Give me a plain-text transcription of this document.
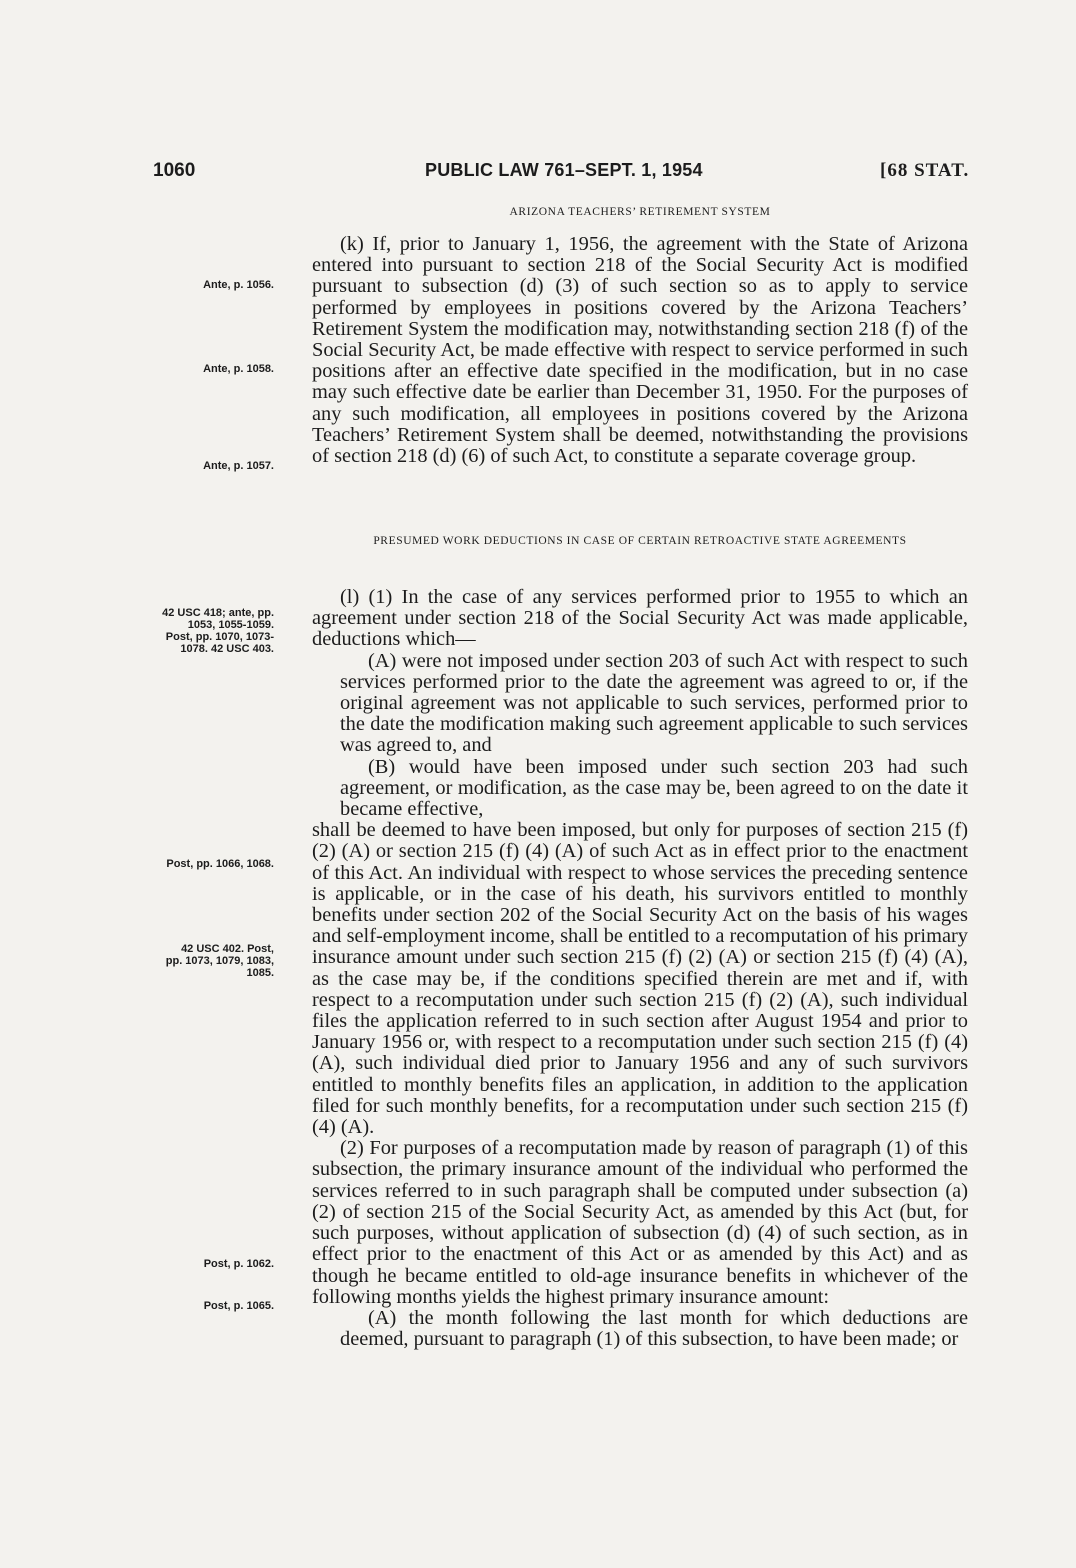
1060	PUBLIC LAW 761–SEPT. 1, 1954	[68 STAT.
ARIZONA TEACHERS’ RETIREMENT SYSTEM

(k) If, prior to January 1, 1956, the agreement with the State of Arizona entered into pursuant to section 218 of the Social Security Act is modified pursuant to subsection (d) (3) of such section so as to apply to service performed by employees in positions covered by the Arizona Teachers’ Retirement System the modification may, notwithstanding section 218 (f) of the Social Security Act, be made effective with respect to service performed in such positions after an effective date specified in the modification, but in no case may such effective date be earlier than December 31, 1950. For the purposes of any such modification, all employees in positions covered by the Arizona Teachers’ Retirement System shall be deemed, notwithstanding the provisions of section 218 (d) (6) of such Act, to constitute a separate coverage group.

PRESUMED WORK DEDUCTIONS IN CASE OF CERTAIN RETROACTIVE STATE AGREEMENTS

(l) (1) In the case of any services performed prior to 1955 to which an agreement under section 218 of the Social Security Act was made applicable, deductions which—

(A) were not imposed under section 203 of such Act with respect to such services performed prior to the date the agreement was agreed to or, if the original agreement was not applicable to such services, performed prior to the date the modification making such agreement applicable to such services was agreed to, and

(B) would have been imposed under such section 203 had such agreement, or modification, as the case may be, been agreed to on the date it became effective,

shall be deemed to have been imposed, but only for purposes of section 215 (f) (2) (A) or section 215 (f) (4) (A) of such Act as in effect prior to the enactment of this Act. An individual with respect to whose services the preceding sentence is applicable, or in the case of his death, his survivors entitled to monthly benefits under section 202 of the Social Security Act on the basis of his wages and self-employment income, shall be entitled to a recomputation of his primary insurance amount under such section 215 (f) (2) (A) or section 215 (f) (4) (A), as the case may be, if the conditions specified therein are met and if, with respect to a recomputation under such section 215 (f) (2) (A), such individual files the application referred to in such section after August 1954 and prior to January 1956 or, with respect to a recomputation under such section 215 (f) (4) (A), such individual died prior to January 1956 and any of such survivors entitled to monthly benefits files an application, in addition to the application filed for such monthly benefits, for a recomputation under such section 215 (f) (4) (A).

(2) For purposes of a recomputation made by reason of paragraph (1) of this subsection, the primary insurance amount of the individual who performed the services referred to in such paragraph shall be computed under subsection (a) (2) of section 215 of the Social Security Act, as amended by this Act (but, for such purposes, without application of subsection (d) (4) of such section, as in effect prior to the enactment of this Act or as amended by this Act) and as though he became entitled to old-age insurance benefits in whichever of the following months yields the highest primary insurance amount:

(A) the month following the last month for which deductions are deemed, pursuant to paragraph (1) of this subsection, to have been made; or

Ante, p. 1056.
Ante, p. 1058.
Ante, p. 1057.
42 USC 418; ante, pp. 1053, 1055-1059. Post, pp. 1070, 1073-1078. 42 USC 403.
Post, pp. 1066, 1068.
42 USC 402. Post, pp. 1073, 1079, 1083, 1085.
Post, p. 1062.
Post, p. 1065.
